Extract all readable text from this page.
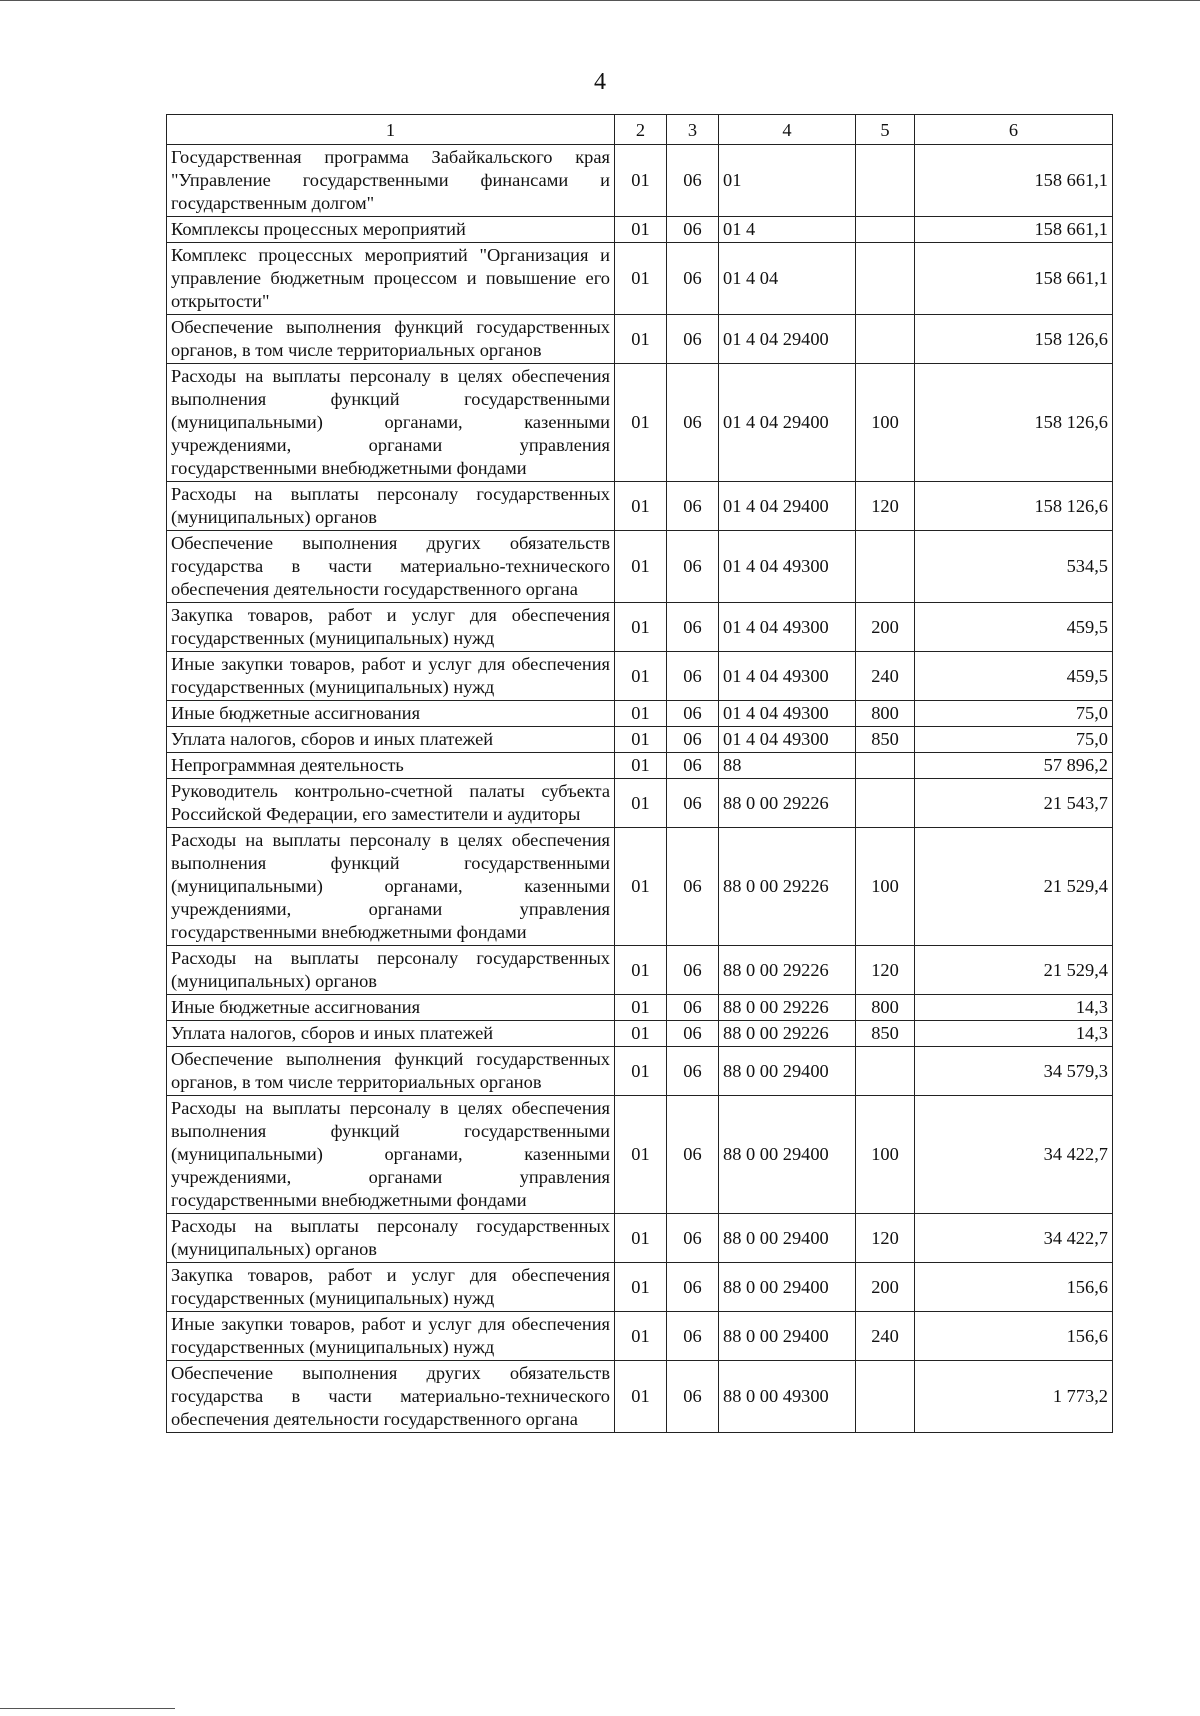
4
1	2	3	4	5	6
Государственная программа Забайкальского края "Управление государственными финансами и государственным долгом"	01	06	01		158 661,1
Комплексы процессных мероприятий	01	06	01 4		158 661,1
Комплекс процессных мероприятий "Организация и управление бюджетным процессом и повышение его открытости"	01	06	01 4 04		158 661,1
Обеспечение выполнения функций государственных органов, в том числе территориальных органов	01	06	01 4 04 29400		158 126,6
Расходы на выплаты персоналу в целях обеспечения выполнения функций государственными (муниципальными) органами, казенными учреждениями, органами управления государственными внебюджетными фондами	01	06	01 4 04 29400	100	158 126,6
Расходы на выплаты персоналу государственных (муниципальных) органов	01	06	01 4 04 29400	120	158 126,6
Обеспечение выполнения других обязательств государства в части материально-технического обеспечения деятельности государственного органа	01	06	01 4 04 49300		534,5
Закупка товаров, работ и услуг для обеспечения государственных (муниципальных) нужд	01	06	01 4 04 49300	200	459,5
Иные закупки товаров, работ и услуг для обеспечения государственных (муниципальных) нужд	01	06	01 4 04 49300	240	459,5
Иные бюджетные ассигнования	01	06	01 4 04 49300	800	75,0
Уплата налогов, сборов и иных платежей	01	06	01 4 04 49300	850	75,0
Непрограммная деятельность	01	06	88		57 896,2
Руководитель контрольно-счетной палаты субъекта Российской Федерации, его заместители и аудиторы	01	06	88 0 00 29226		21 543,7
Расходы на выплаты персоналу в целях обеспечения выполнения функций государственными (муниципальными) органами, казенными учреждениями, органами управления государственными внебюджетными фондами	01	06	88 0 00 29226	100	21 529,4
Расходы на выплаты персоналу государственных (муниципальных) органов	01	06	88 0 00 29226	120	21 529,4
Иные бюджетные ассигнования	01	06	88 0 00 29226	800	14,3
Уплата налогов, сборов и иных платежей	01	06	88 0 00 29226	850	14,3
Обеспечение выполнения функций государственных органов, в том числе территориальных органов	01	06	88 0 00 29400		34 579,3
Расходы на выплаты персоналу в целях обеспечения выполнения функций государственными (муниципальными) органами, казенными учреждениями, органами управления государственными внебюджетными фондами	01	06	88 0 00 29400	100	34 422,7
Расходы на выплаты персоналу государственных (муниципальных) органов	01	06	88 0 00 29400	120	34 422,7
Закупка товаров, работ и услуг для обеспечения государственных (муниципальных) нужд	01	06	88 0 00 29400	200	156,6
Иные закупки товаров, работ и услуг для обеспечения государственных (муниципальных) нужд	01	06	88 0 00 29400	240	156,6
Обеспечение выполнения других обязательств государства в части материально-технического обеспечения деятельности государственного органа	01	06	88 0 00 49300		1 773,2
